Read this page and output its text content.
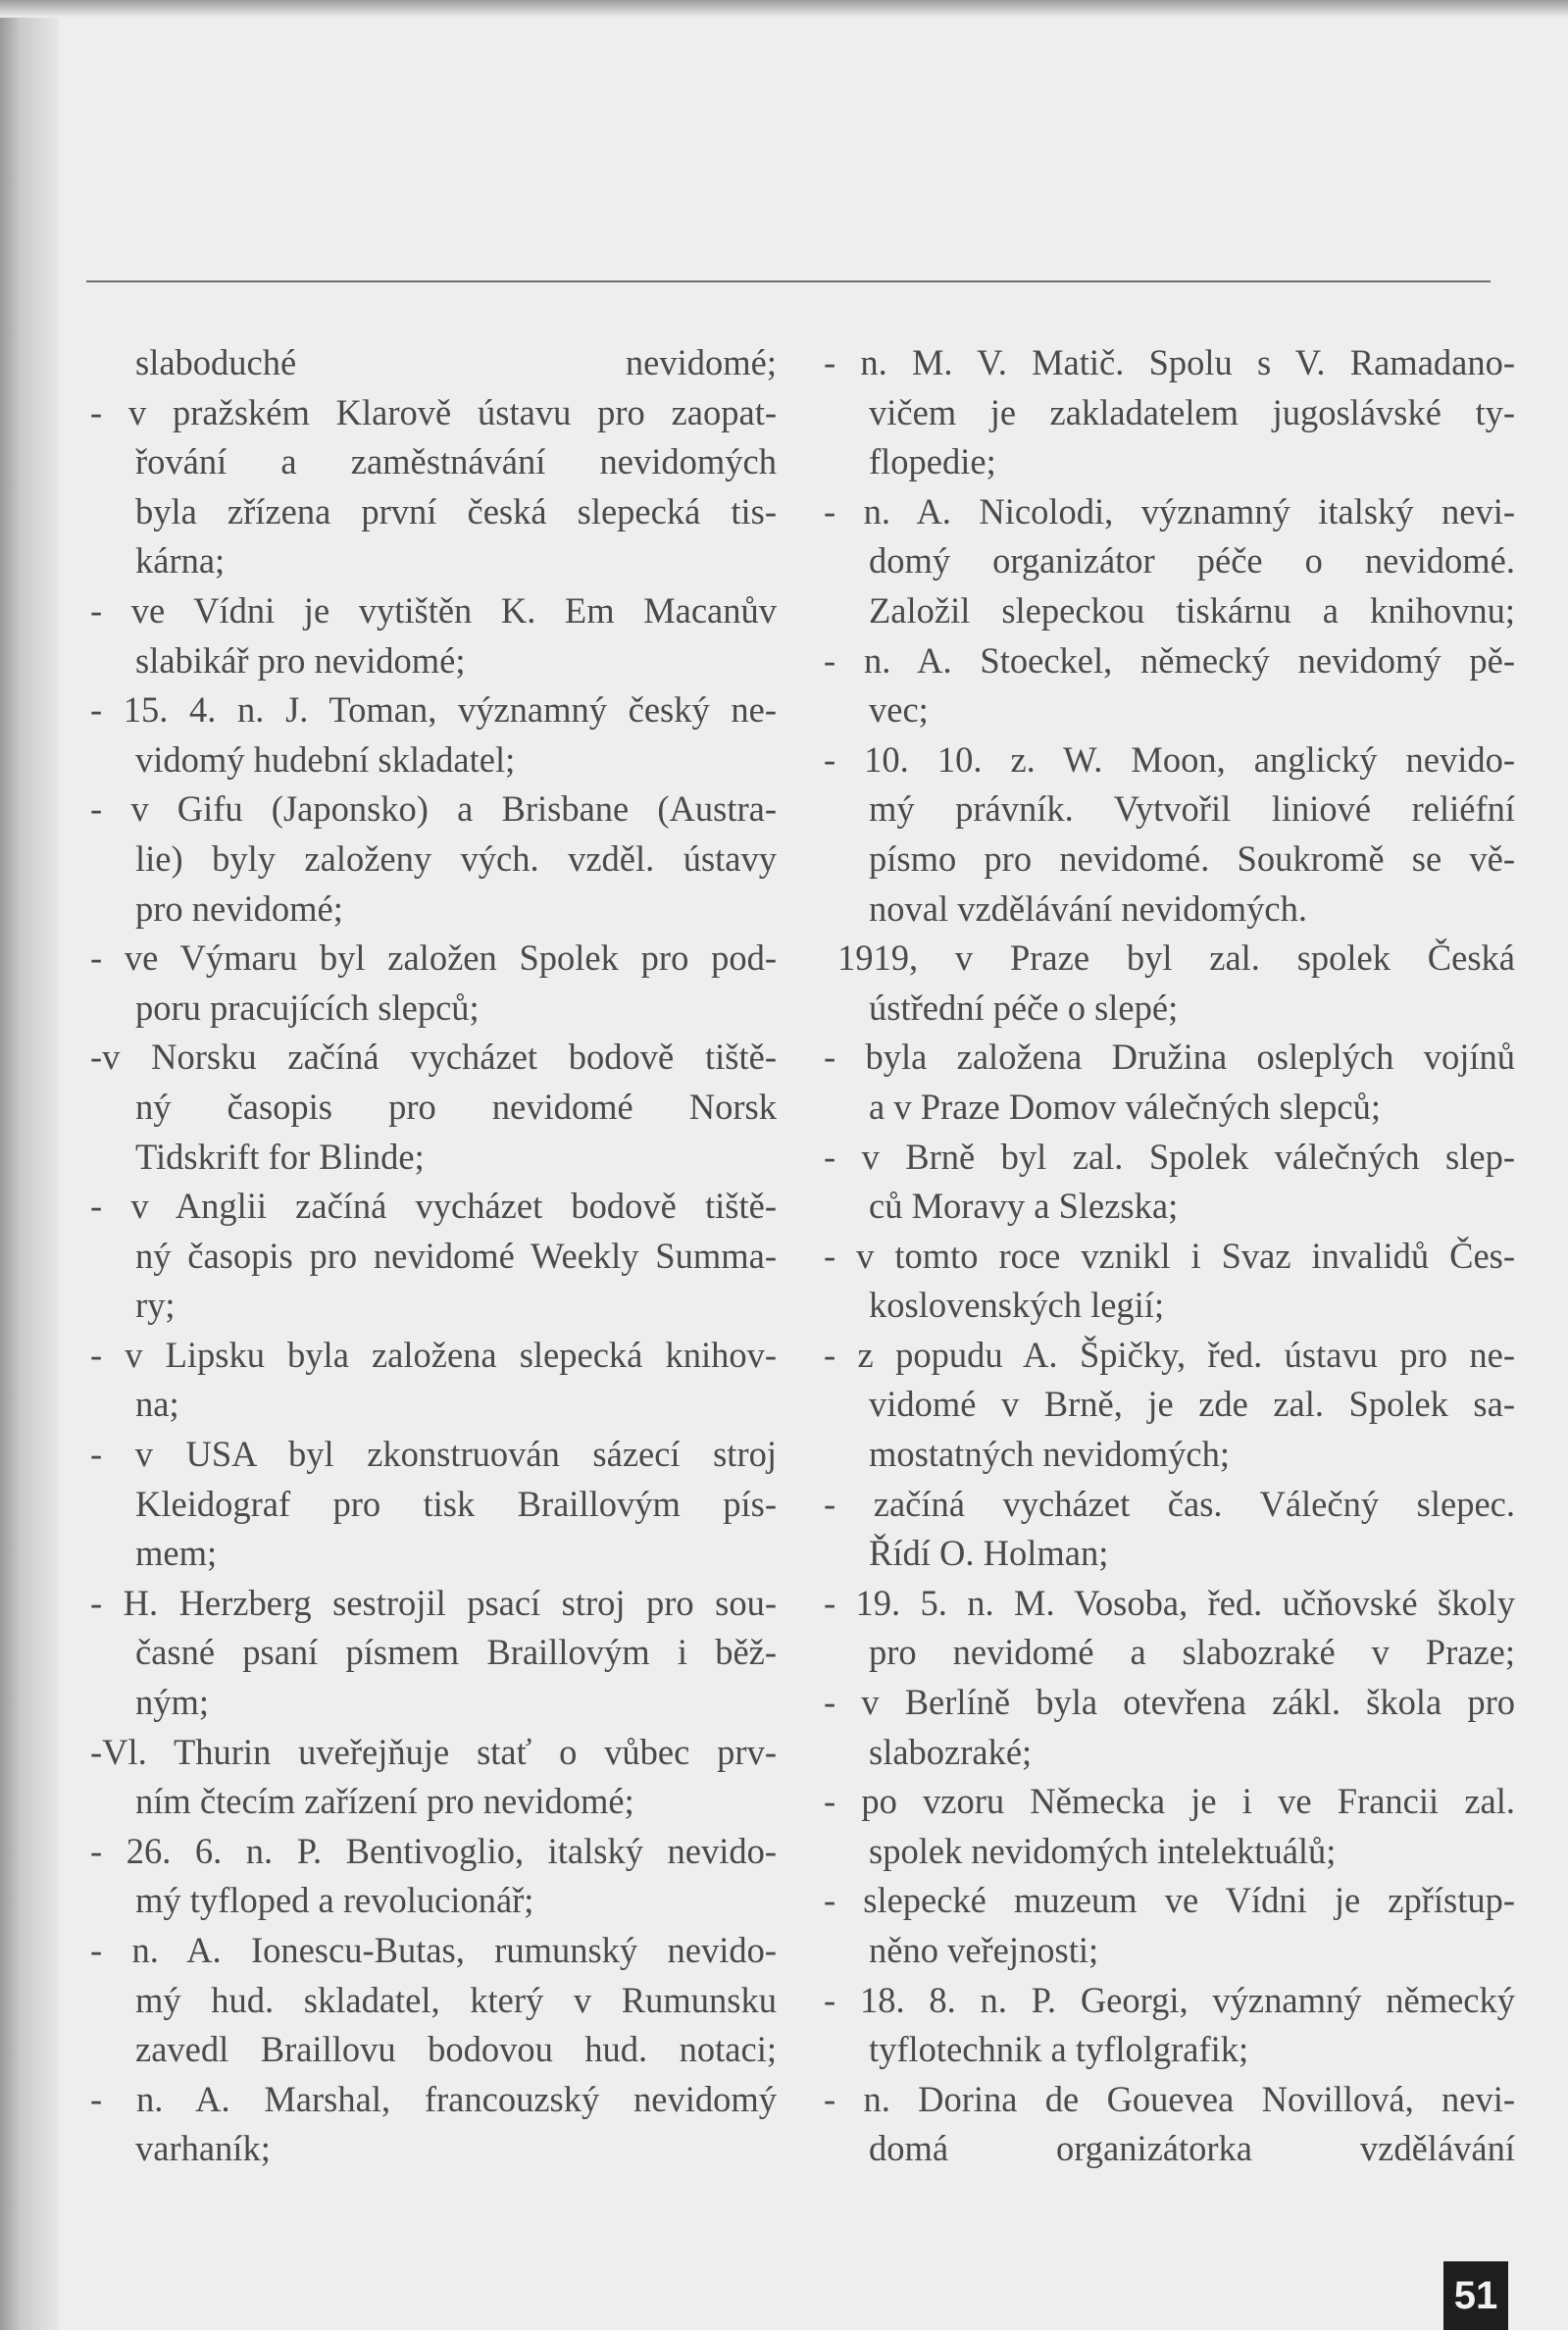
slaboduché nevidomé;
- v pražském Klarově ústavu pro zaopat-
řování a zaměstnávání nevidomých
byla zřízena první česká slepecká tis-
kárna;
- ve Vídni je vytištěn K. Em Macanův
slabikář pro nevidomé;
- 15. 4. n. J. Toman, významný český ne-
vidomý hudební skladatel;
- v Gifu (Japonsko) a Brisbane (Austra-
lie) byly založeny vých. vzděl. ústavy
pro nevidomé;
- ve Výmaru byl založen Spolek pro pod-
poru pracujících slepců;
-v Norsku začíná vycházet bodově tiště-
ný časopis pro nevidomé Norsk
Tidskrift for Blinde;
- v Anglii začíná vycházet bodově tiště-
ný časopis pro nevidomé Weekly Summa-
ry;
- v Lipsku byla založena slepecká knihov-
na;
- v USA byl zkonstruován sázecí stroj
Kleidograf pro tisk Braillovým pís-
mem;
- H. Herzberg sestrojil psací stroj pro sou-
časné psaní písmem Braillovým i běž-
ným;
-Vl. Thurin uveřejňuje stať o vůbec prv-
ním čtecím zařízení pro nevidomé;
- 26. 6. n. P. Bentivoglio, italský nevido-
mý tyfloped a revolucionář;
- n. A. Ionescu-Butas, rumunský nevido-
mý hud. skladatel, který v Rumunsku
zavedl Braillovu bodovou hud. notaci;
- n. A. Marshal, francouzský nevidomý
varhaník;
- n. M. V. Matič. Spolu s V. Ramadano-
vičem je zakladatelem jugoslávské ty-
flopedie;
- n. A. Nicolodi, významný italský nevi-
domý organizátor péče o nevidomé.
Založil slepeckou tiskárnu a knihovnu;
- n. A. Stoeckel, německý nevidomý pě-
vec;
- 10. 10. z. W. Moon, anglický nevido-
mý právník. Vytvořil liniové reliéfní
písmo pro nevidomé. Soukromě se vě-
noval vzdělávání nevidomých.
1919, v Praze byl zal. spolek Česká
ústřední péče o slepé;
- byla založena Družina osleplých vojínů
a v Praze Domov válečných slepců;
- v Brně byl zal. Spolek válečných slep-
ců Moravy a Slezska;
- v tomto roce vznikl i Svaz invalidů Čes-
koslovenských legií;
- z popudu A. Špičky, řed. ústavu pro ne-
vidomé v Brně, je zde zal. Spolek sa-
mostatných nevidomých;
- začíná vycházet čas. Válečný slepec.
Řídí O. Holman;
- 19. 5. n. M. Vosoba, řed. učňovské školy
pro nevidomé a slabozraké v Praze;
- v Berlíně byla otevřena zákl. škola pro
slabozraké;
- po vzoru Německa je i ve Francii zal.
spolek nevidomých intelektuálů;
- slepecké muzeum ve Vídni je zpřístup-
něno veřejnosti;
- 18. 8. n. P. Georgi, významný německý
tyflotechnik a tyflolgrafik;
- n. Dorina de Gouevea Novillová, nevi-
domá organizátorka vzdělávání
51
